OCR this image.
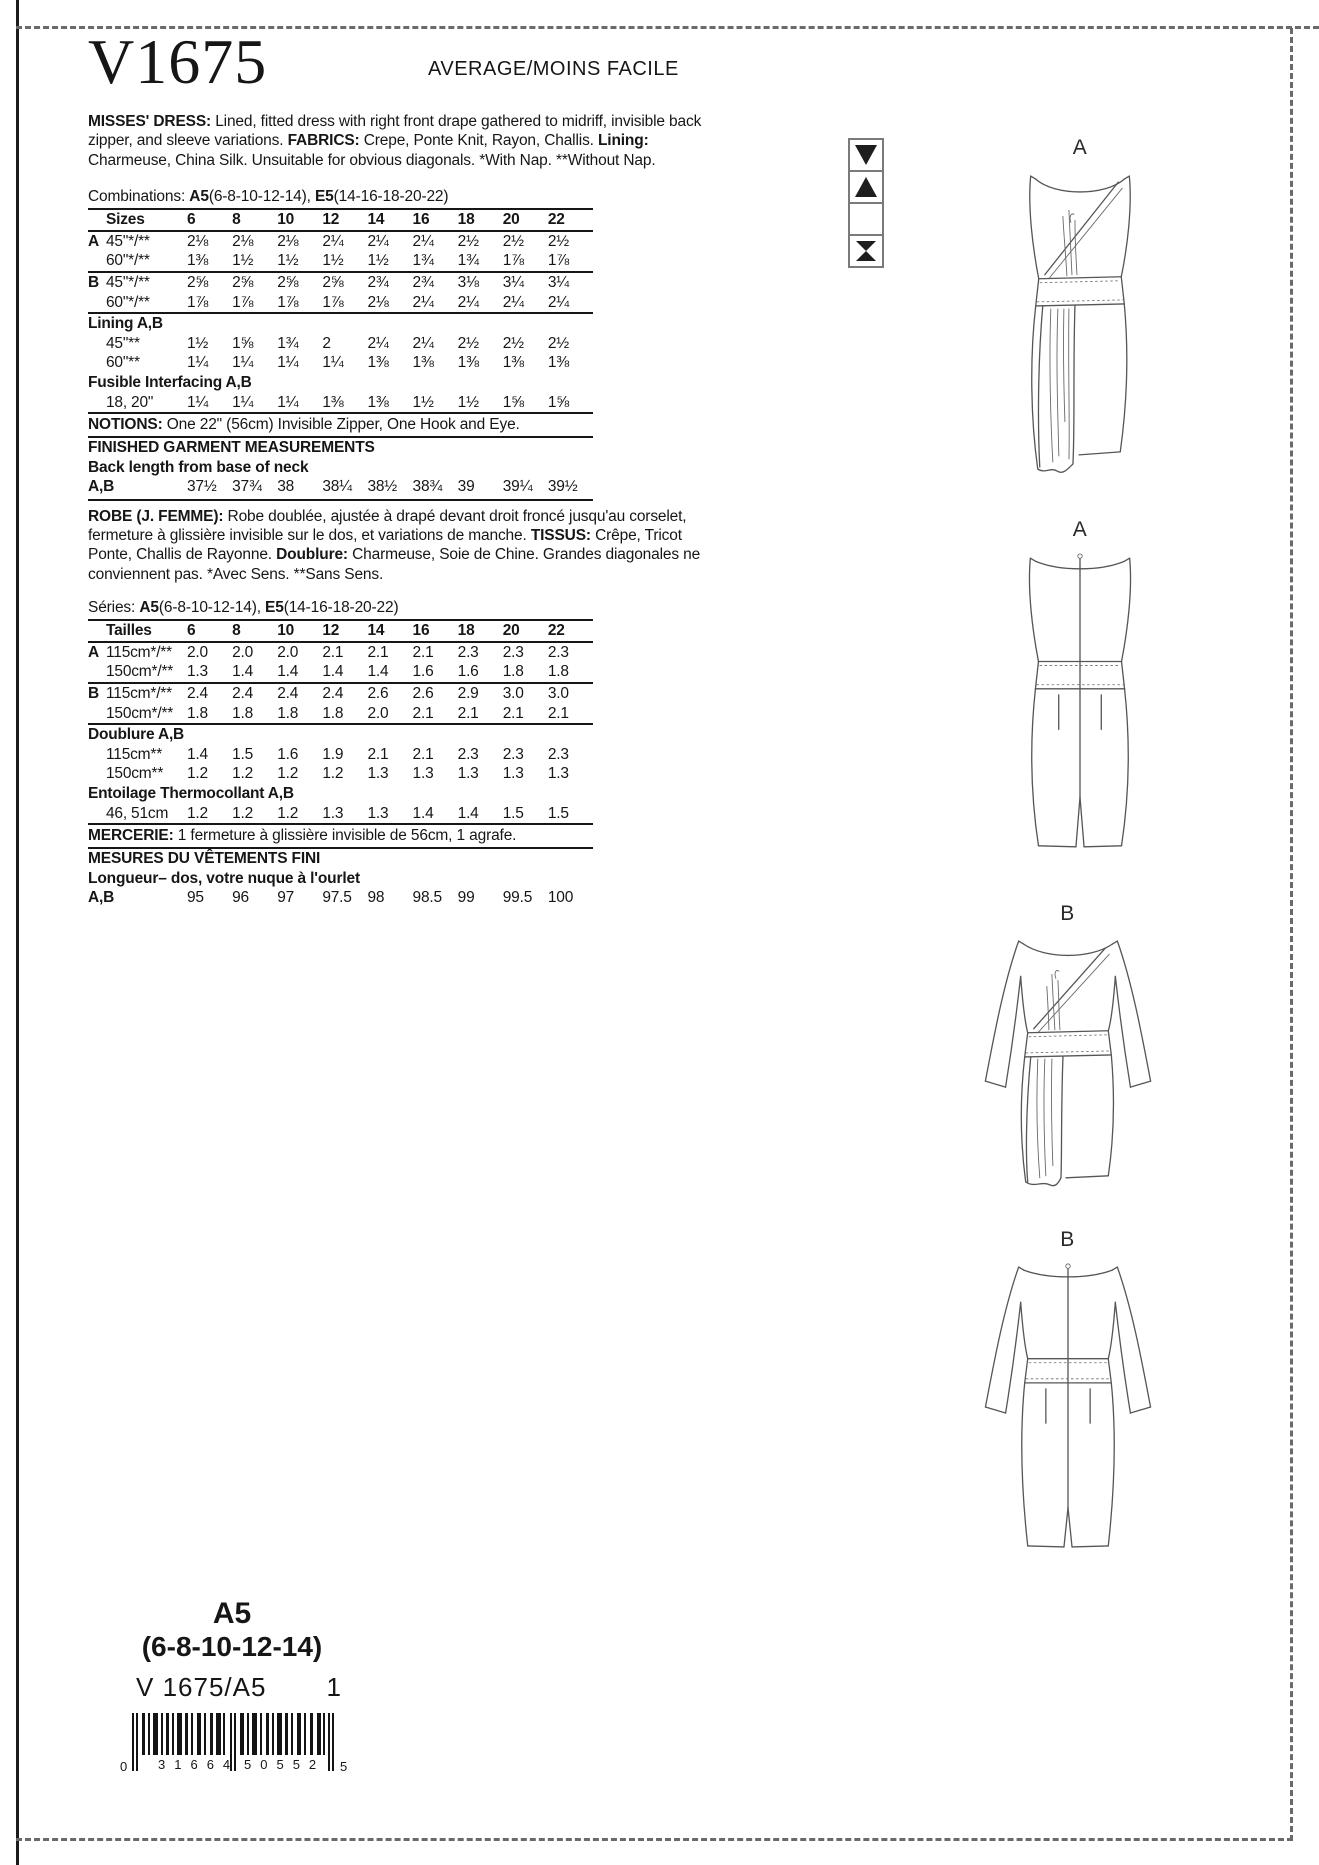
V1675	AVERAGE/MOINS FACILE
MISSES' DRESS: Lined, fitted dress with right front drape gathered to midriff, invisible back zipper, and sleeve variations. FABRICS: Crepe, Ponte Knit, Rayon, Challis. Lining: Charmeuse, China Silk. Unsuitable for obvious diagonals. *With Nap. **Without Nap.
Combinations: A5(6-8-10-12-14), E5(14-16-18-20-22)
Sizes	6	8	10	12	14	16	18	20	22
A 45"*/**	2⅛	2⅛	2⅛	2¼	2¼	2¼	2½	2½	2½
60"*/**	1⅜	1½	1½	1½	1½	1¾	1¾	1⅞	1⅞
B 45"*/**	2⅝	2⅝	2⅝	2⅝	2¾	2¾	3⅛	3¼	3¼
60"*/**	1⅞	1⅞	1⅞	1⅞	2⅛	2¼	2¼	2¼	2¼
Lining A,B
45"**	1½	1⅝	1¾	2	2¼	2¼	2½	2½	2½
60"**	1¼	1¼	1¼	1¼	1⅜	1⅜	1⅜	1⅜	1⅜
Fusible Interfacing A,B
18, 20"	1¼	1¼	1¼	1⅜	1⅜	1½	1½	1⅝	1⅝
NOTIONS: One 22" (56cm) Invisible Zipper, One Hook and Eye.
FINISHED GARMENT MEASUREMENTS
Back length from base of neck
A,B	37½	37¾	38	38¼	38½	38¾	39	39¼	39½
ROBE (J. FEMME): Robe doublée, ajustée à drapé devant droit froncé jusqu'au corselet, fermeture à glissière invisible sur le dos, et variations de manche. TISSUS: Crêpe, Tricot Ponte, Challis de Rayonne. Doublure: Charmeuse, Soie de Chine. Grandes diagonales ne conviennent pas. *Avec Sens. **Sans Sens.
Séries: A5(6-8-10-12-14), E5(14-16-18-20-22)
Tailles	6	8	10	12	14	16	18	20	22
A 115cm*/** 2.0	2.0	2.0	2.1	2.1	2.1	2.3	2.3	2.3
150cm*/** 1.3	1.4	1.4	1.4	1.4	1.6	1.6	1.8	1.8
B 115cm*/** 2.4	2.4	2.4	2.4	2.6	2.6	2.9	3.0	3.0
150cm*/** 1.8	1.8	1.8	1.8	2.0	2.1	2.1	2.1	2.1
Doublure A,B
115cm**	1.4	1.5	1.6	1.9	2.1	2.1	2.3	2.3	2.3
150cm**	1.2	1.2	1.2	1.2	1.3	1.3	1.3	1.3	1.3
Entoilage Thermocollant A,B
46, 51cm	1.2	1.2	1.2	1.3	1.3	1.4	1.4	1.5	1.5
MERCERIE: 1 fermeture à glissière invisible de 56cm, 1 agrafe.
MESURES DU VÊTEMENTS FINI
Longueur– dos, votre nuque à l'ourlet
A,B	95	96	97	97.5	98	98.5	99	99.5	100
A
A
B
B
A5
(6-8-10-12-14)
V 1675/A5 1
0 31664 50552 5
